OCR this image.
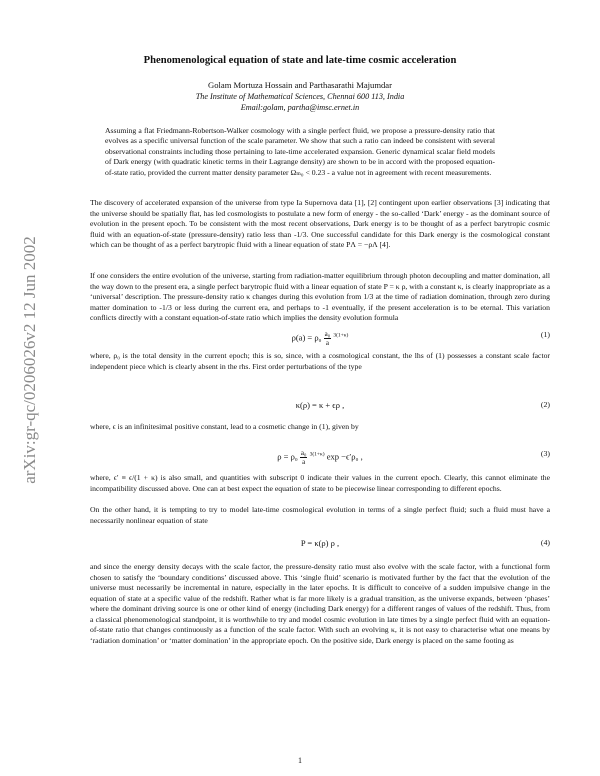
Phenomenological equation of state and late-time cosmic acceleration
Golam Mortuza Hossain and Parthasarathi Majumdar
The Institute of Mathematical Sciences, Chennai 600 113, India
Email:golam, partha@imsc.ernet.in
Assuming a flat Friedmann-Robertson-Walker cosmology with a single perfect fluid, we propose a pressure-density ratio that evolves as a specific universal function of the scale parameter. We show that such a ratio can indeed be consistent with several observational constraints including those pertaining to late-time accelerated expansion. Generic dynamical scalar field models of Dark energy (with quadratic kinetic terms in their Lagrange density) are shown to be in accord with the proposed equation-of-state ratio, provided the current matter density parameter Ωₘ₀ < 0.23 - a value not in agreement with recent measurements.
arXiv:gr-qc/0206026v2 12 Jun 2002
The discovery of accelerated expansion of the universe from type Ia Supernova data [1], [2] contingent upon earlier observations [3] indicating that the universe should be spatially flat, has led cosmologists to postulate a new form of energy - the so-called ‘Dark’ energy - as the dominant source of evolution in the present epoch. To be consistent with the most recent observations, Dark energy is to be thought of as a perfect barytropic cosmic fluid with an equation-of-state (pressure-density) ratio less than -1/3. One successful candidate for this Dark energy is the cosmological constant which can be thought of as a perfect barytropic fluid with a linear equation of state PΛ = −ρΛ [4].
If one considers the entire evolution of the universe, starting from radiation-matter equilibrium through photon decoupling and matter domination, all the way down to the present era, a single perfect barytropic fluid with a linear equation of state P = κ ρ, with a constant κ, is clearly inappropriate as a ‘universal’ description. The pressure-density ratio κ changes during this evolution from 1/3 at the time of radiation domination, through zero during matter domination to -1/3 or less during the current era, and perhaps to -1 eventually, if the present acceleration is to be eternal. This variation conflicts directly with a constant equation-of-state ratio which implies the density evolution formula
$\rho(a) = \rho_0 \frac{\text{a₀}}{a} ^{3(1+\kappa)}$	(1)
where, ρ₀ is the total density in the current epoch; this is so, since, with a cosmological constant, the lhs of (1) possesses a constant scale factor independent piece which is clearly absent in the rhs. First order perturbations of the type
κ(ρ) = κ + ϵρ ,	(2)
where, ϵ is an infinitesimal positive constant, lead to a cosmetic change in (1), given by
$\rho = \rho_0 \frac{\text{a₀}}{a} ^{3(1+\kappa)}$ exp −ϵ′ρ₀ ,	(3)
where, ϵ′ ≡ ϵ/(1 + κ) is also small, and quantities with subscript 0 indicate their values in the current epoch. Clearly, this cannot eliminate the incompatibility discussed above. One can at best expect the equation of state to be piecewise linear corresponding to different epochs.
On the other hand, it is tempting to try to model late-time cosmological evolution in terms of a single perfect fluid; such a fluid must have a necessarily nonlinear equation of state
P = κ(ρ) ρ ,	(4)
and since the energy density decays with the scale factor, the pressure-density ratio must also evolve with the scale factor, with a functional form chosen to satisfy the ‘boundary conditions’ discussed above. This ‘single fluid’ scenario is motivated further by the fact that the evolution of the universe must necessarily be incremental in nature, especially in the later epochs. It is difficult to conceive of a sudden impulsive change in the equation of state at a specific value of the redshift. Rather what is far more likely is a gradual transition, as the universe expands, between ‘phases’ where the dominant driving source is one or other kind of energy (including Dark energy) for a different ranges of values of the redshift. Thus, from a classical phenomenological standpoint, it is worthwhile to try and model cosmic evolution in late times by a single perfect fluid with an equation-of-state ratio that changes continuously as a function of the scale factor. With such an evolving κ, it is not easy to characterise what one means by ‘radiation domination’ or ‘matter domination’ in the appropriate epoch. On the positive side, Dark energy is placed on the same footing as
1
